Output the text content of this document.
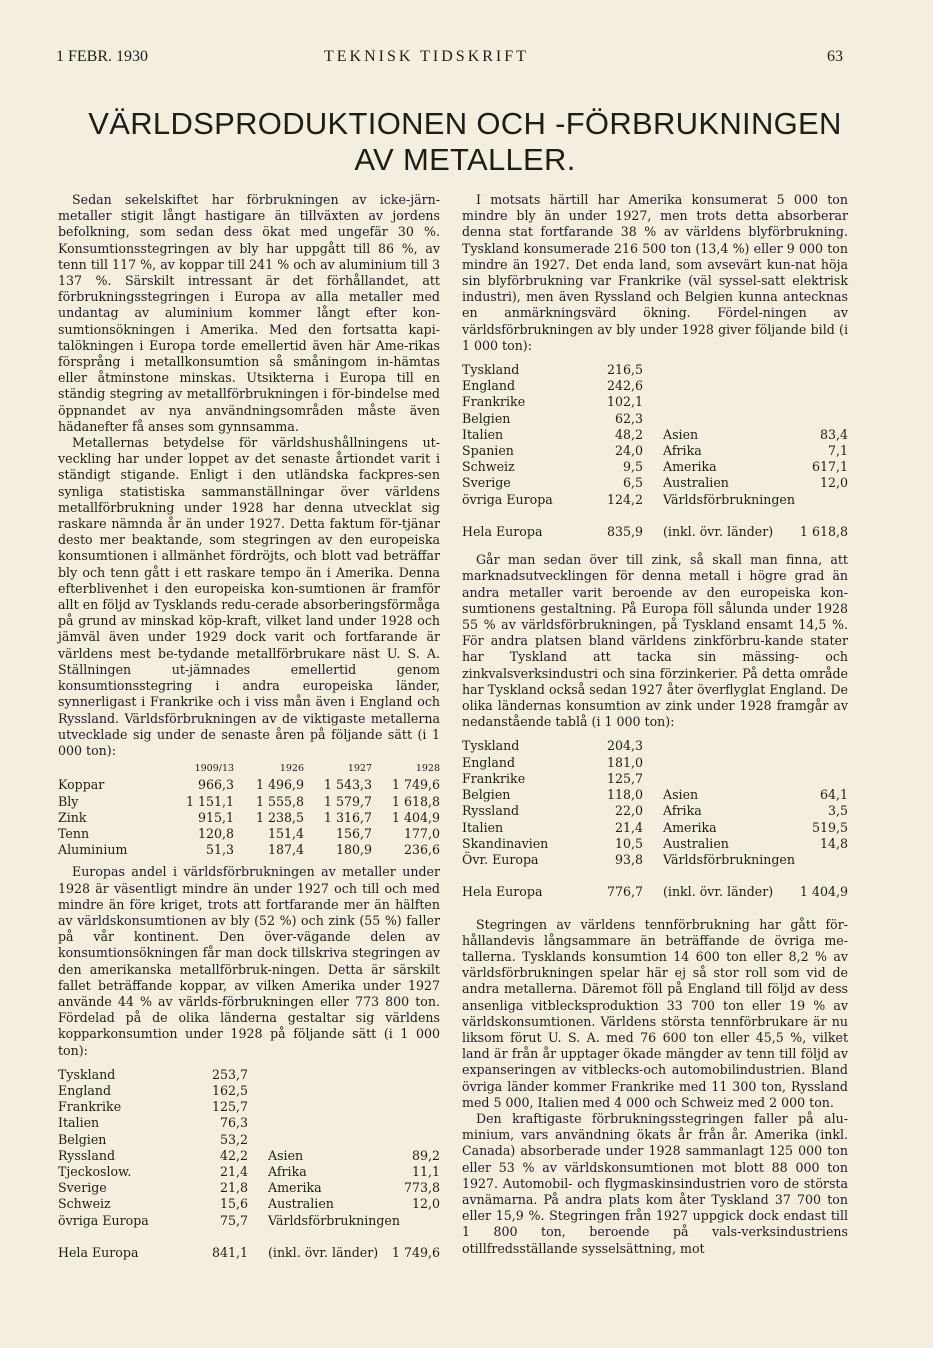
1 FEBR. 1930	TEKNISK TIDSKRIFT	63
VÄRLDSPRODUKTIONEN OCH -FÖRBRUKNINGEN
AV METALLER.

Sedan sekelskiftet har förbrukningen av icke-järn-metaller stigit långt hastigare än tillväxten av jordens befolkning, som sedan dess ökat med ungefär 30 %. Konsumtionsstegringen av bly har uppgått till 86 %, av tenn till 117 %, av koppar till 241 % och av aluminium till 3 137 %. Särskilt intressant är det förhållandet, att förbrukningsstegringen i Europa av alla metaller med undantag av aluminium kommer långt efter kon-sumtionsökningen i Amerika. Med den fortsatta kapi-talökningen i Europa torde emellertid även här Ame-rikas försprång i metallkonsumtion så småningom in-hämtas eller åtminstone minskas. Utsikterna i Europa till en ständig stegring av metallförbrukningen i för-bindelse med öppnandet av nya användningsområden måste även hädanefter få anses som gynnsamma.

Metallernas betydelse för världshushållningens ut-veckling har under loppet av det senaste årtiondet varit i ständigt stigande. Enligt i den utländska fackpres-sen synliga statistiska sammanställningar över världens metallförbrukning under 1928 har denna utvecklat sig raskare nämnda år än under 1927. Detta faktum för-tjänar desto mer beaktande, som stegringen av den europeiska konsumtionen i allmänhet fördröjts, och blott vad beträffar bly och tenn gått i ett raskare tempo än i Amerika. Denna efterblivenhet i den europeiska kon-sumtionen är framför allt en följd av Tysklands redu-cerade absorberingsförmåga på grund av minskad köp-kraft, vilket land under 1928 och jämväl även under 1929 dock varit och fortfarande är världens mest be-tydande metallförbrukare näst U. S. A. Ställningen ut-jämnades emellertid genom konsumtionsstegring i andra europeiska länder, synnerligast i Frankrike och i viss mån även i England och Ryssland. Världsförbrukningen av de viktigaste metallerna utvecklade sig under de senaste åren på följande sätt (i 1 000 ton):

	1909/13	1926	1927	1928
Koppar	966,3	1 496,9	1 543,3	1 749,6
Bly	1 151,1	1 555,8	1 579,7	1 618,8
Zink	915,1	1 238,5	1 316,7	1 404,9
Tenn	120,8	151,4	156,7	177,0
Aluminium	51,3	187,4	180,9	236,6

Europas andel i världsförbrukningen av metaller under 1928 är väsentligt mindre än under 1927 och till och med mindre än före kriget, trots att fortfarande mer än hälften av världskonsumtionen av bly (52 %) och zink (55 %) faller på vår kontinent. Den över-vägande delen av konsumtionsökningen får man dock tillskriva stegringen av den amerikanska metallförbruk-ningen. Detta är särskilt fallet beträffande koppar, av vilken Amerika under 1927 använde 44 % av världs-förbrukningen eller 773 800 ton. Fördelad på de olika länderna gestaltar sig världens kopparkonsumtion under 1928 på följande sätt (i 1 000 ton):

Tyskland	253,7			
England	162,5			
Frankrike	125,7			
Italien	76,3			
Belgien	53,2			
Ryssland	42,2		Asien	89,2
Tjeckoslow.	21,4		Afrika	11,1
Sverige	21,8		Amerika	773,8
Schweiz	15,6		Australien	12,0
övriga Europa	75,7		Världsförbrukningen	

Hela Europa	841,1		(inkl. övr. länder)	1 749,6

I motsats härtill har Amerika konsumerat 5 000 ton mindre bly än under 1927, men trots detta absorberar denna stat fortfarande 38 % av världens blyförbrukning. Tyskland konsumerade 216 500 ton (13,4 %) eller 9 000 ton mindre än 1927. Det enda land, som avsevärt kun-nat höja sin blyförbrukning var Frankrike (väl syssel-satt elektrisk industri), men även Ryssland och Belgien kunna antecknas en anmärkningsvärd ökning. Fördel-ningen av världsförbrukningen av bly under 1928 giver följande bild (i 1 000 ton):

Tyskland	216,5			
England	242,6			
Frankrike	102,1			
Belgien	62,3			
Italien	48,2		Asien	83,4
Spanien	24,0		Afrika	7,1
Schweiz	9,5		Amerika	617,1
Sverige	6,5		Australien	12,0
övriga Europa	124,2		Världsförbrukningen	

Hela Europa	835,9		(inkl. övr. länder)	1 618,8

Går man sedan över till zink, så skall man finna, att marknadsutvecklingen för denna metall i högre grad än andra metaller varit beroende av den europeiska kon-sumtionens gestaltning. På Europa föll sålunda under 1928 55 % av världsförbrukningen, på Tyskland ensamt 14,5 %. För andra platsen bland världens zinkförbru-kande stater har Tyskland att tacka sin mässing- och zinkvalsverksindustri och sina förzinkerier. På detta område har Tyskland också sedan 1927 åter överflyglat England. De olika ländernas konsumtion av zink under 1928 framgår av nedanstående tablå (i 1 000 ton):

Tyskland	204,3			
England	181,0			
Frankrike	125,7			
Belgien	118,0		Asien	64,1
Ryssland	22,0		Afrika	3,5
Italien	21,4		Amerika	519,5
Skandinavien	10,5		Australien	14,8
Övr. Europa	93,8		Världsförbrukningen	

Hela Europa	776,7		(inkl. övr. länder)	1 404,9

Stegringen av världens tennförbrukning har gått för-hållandevis långsammare än beträffande de övriga me-tallerna. Tysklands konsumtion 14 600 ton eller 8,2 % av världsförbrukningen spelar här ej så stor roll som vid de andra metallerna. Däremot föll på England till följd av dess ansenliga vitblecksproduktion 33 700 ton eller 19 % av världskonsumtionen. Världens största tennförbrukare är nu liksom förut U. S. A. med 76 600 ton eller 45,5 %, vilket land är från år upptager ökade mängder av tenn till följd av expanseringen av vitblecks-och automobilindustrien. Bland övriga länder kommer Frankrike med 11 300 ton, Ryssland med 5 000, Italien med 4 000 och Schweiz med 2 000 ton.

Den kraftigaste förbrukningsstegringen faller på alu-minium, vars användning ökats år från år. Amerika (inkl. Canada) absorberade under 1928 sammanlagt 125 000 ton eller 53 % av världskonsumtionen mot blott 88 000 ton 1927. Automobil- och flygmaskinsindustrien voro de största avnämarna. På andra plats kom åter Tyskland 37 700 ton eller 15,9 %. Stegringen från 1927 uppgick dock endast till 1 800 ton, beroende på vals-verksindustriens otillfredsställande sysselsättning, mot
